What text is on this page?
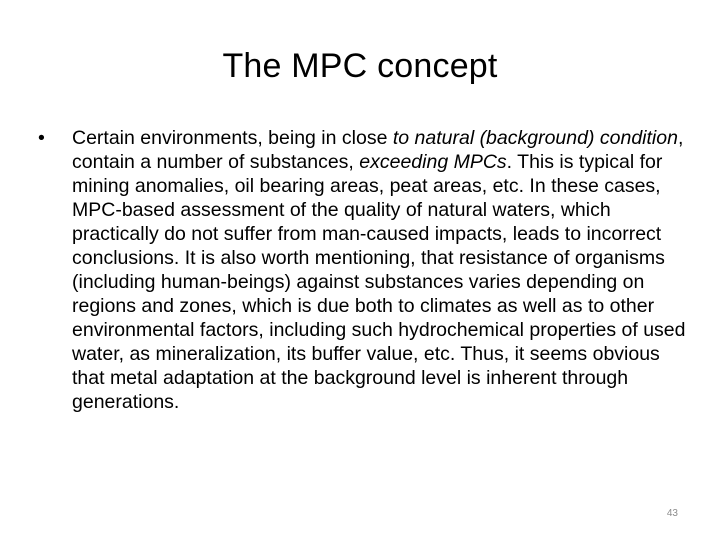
The MPC concept
• Certain environments, being in close to natural (background) condition, contain a number of substances, exceeding MPCs. This is typical for mining anomalies, oil bearing areas, peat areas, etc. In these cases, MPC-based assessment of the quality of natural waters, which practically do not suffer from man-caused impacts, leads to incorrect conclusions. It is also worth mentioning, that resistance of organisms (including human-beings) against substances varies depending on regions and zones, which is due both to climates as well as to other environmental factors, including such hydrochemical properties of used water, as mineralization, its buffer value, etc. Thus, it seems obvious that metal adaptation at the background level is inherent through generations.
43
